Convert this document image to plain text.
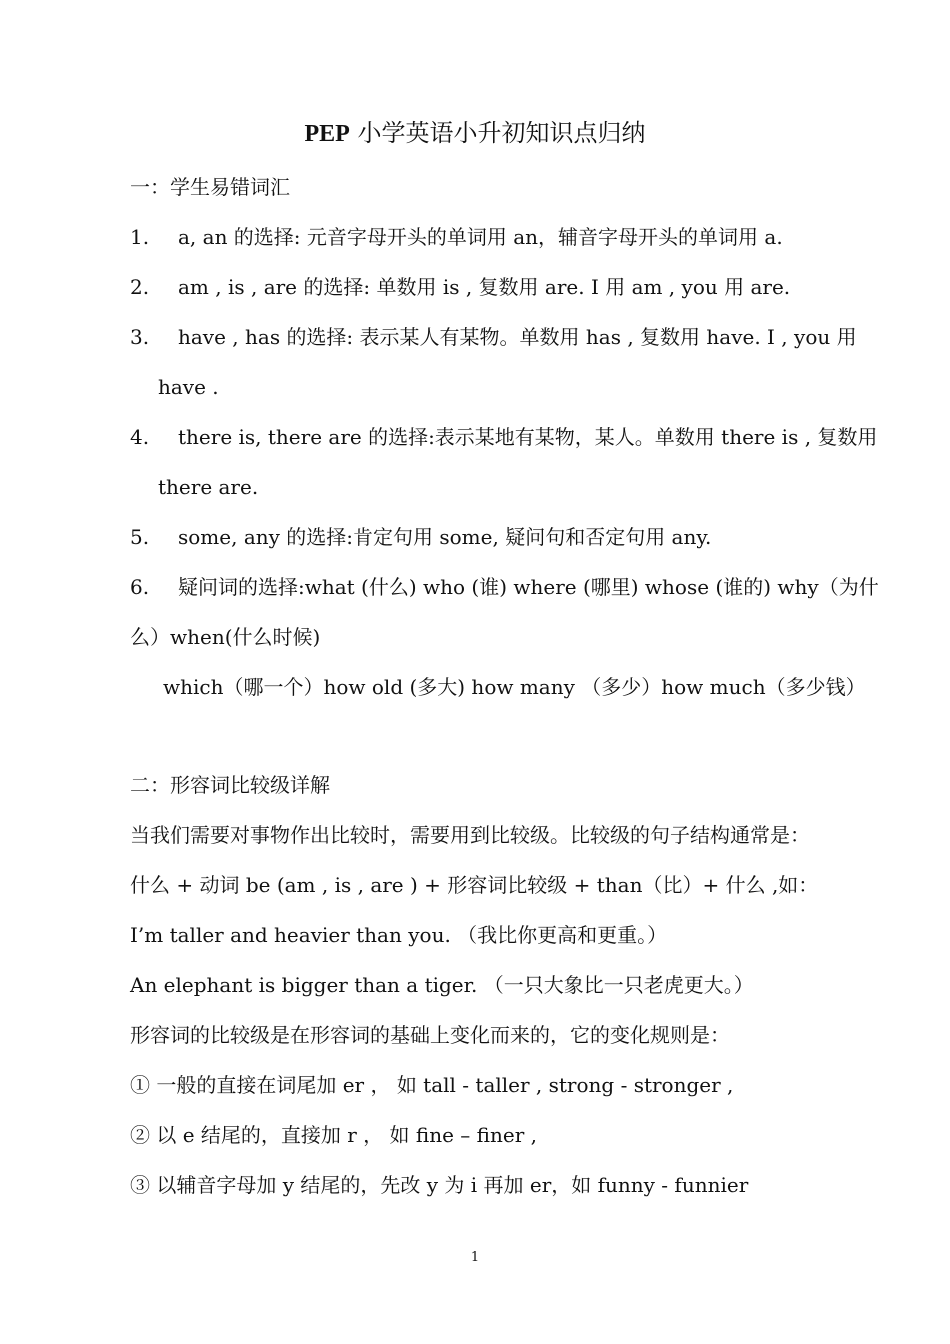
PEP 小学英语小升初知识点归纳
一：学生易错词汇
1. a, an 的选择: 元音字母开头的单词用 an，辅音字母开头的单词用 a.
2. am , is , are 的选择: 单数用 is , 复数用 are. I 用 am , you 用 are.
3. have , has 的选择: 表示某人有某物。单数用 has , 复数用 have. I , you 用
have .
4. there is, there are 的选择:表示某地有某物，某人。单数用 there is , 复数用
there are.
5. some, any 的选择:肯定句用 some, 疑问句和否定句用 any.
6. 疑问词的选择:what (什么) who (谁) where (哪里) whose (谁的) why（为什
么）when(什么时候)
which（哪一个）how old (多大) how many （多少）how much（多少钱）
二：形容词比较级详解
当我们需要对事物作出比较时，需要用到比较级。比较级的句子结构通常是：
什么 + 动词 be (am , is , are ) + 形容词比较级 + than（比）+ 什么 ,如：
I’m taller and heavier than you. （我比你更高和更重。）
An elephant is bigger than a tiger. （一只大象比一只老虎更大。）
形容词的比较级是在形容词的基础上变化而来的，它的变化规则是：
① 一般的直接在词尾加 er ， 如 tall - taller , strong - stronger ,
② 以 e 结尾的，直接加 r ， 如 fine – finer ,
③ 以辅音字母加 y 结尾的，先改 y 为 i 再加 er，如 funny - funnier
1
